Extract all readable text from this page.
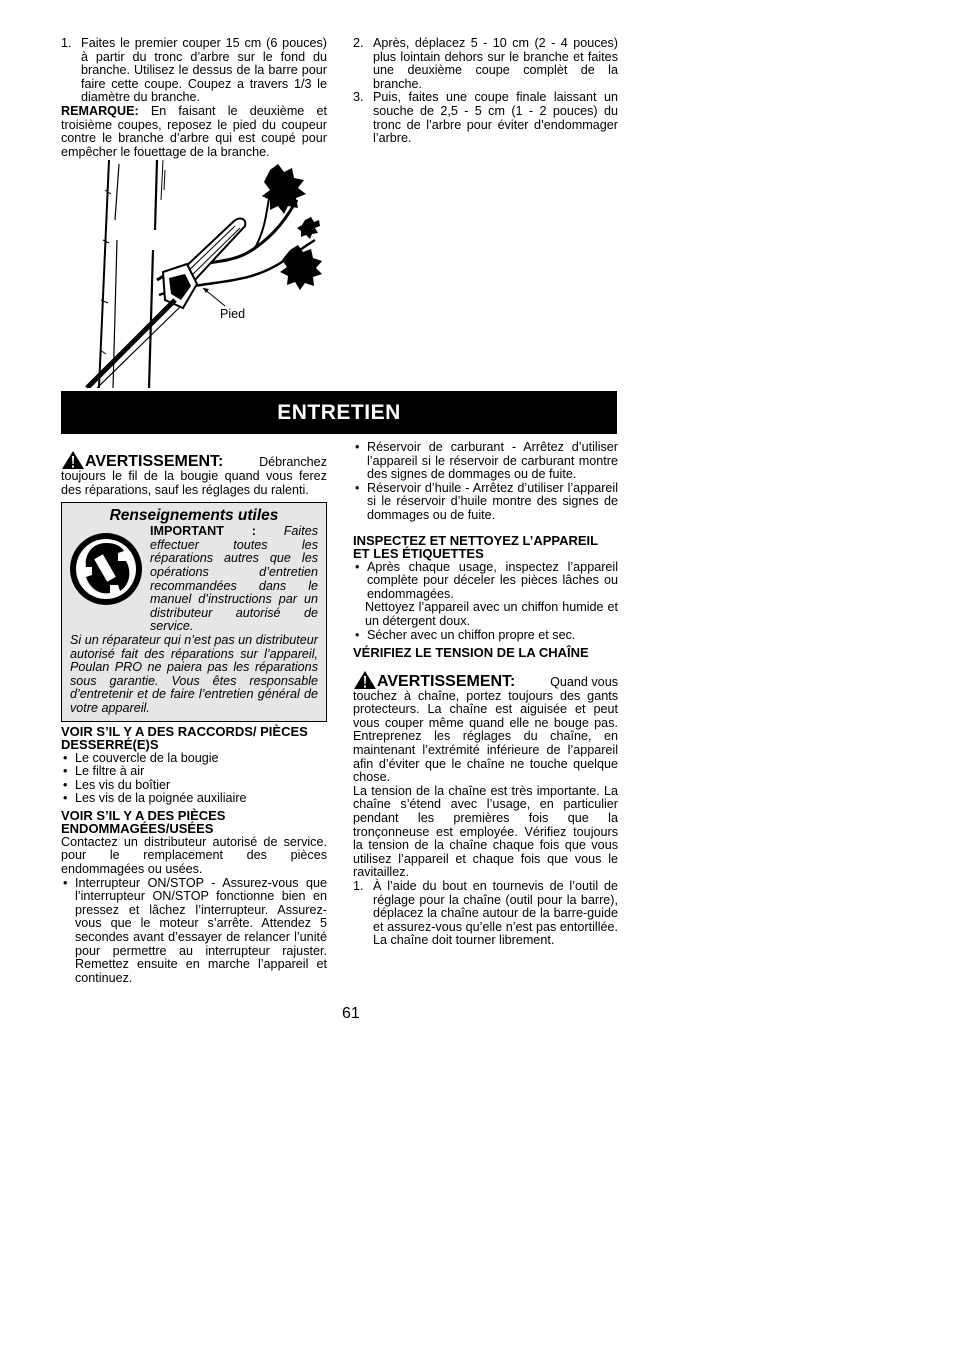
1. Faites le premier couper 15 cm (6 pouces) à partir du tronc d’arbre sur le fond du branche. Utilisez le dessus de la barre pour faire cette coupe. Coupez a travers 1/3 le diamètre du branche.

REMARQUE: En faisant le deuxième et troisième coupes, reposez le pied du coupeur contre le branche d’arbre qui est coupé pour empêcher le fouettage de la branche.

2. Après, déplacez 5 - 10 cm (2 - 4 pouces) plus lointain dehors sur le branche et faites une deuxième coupe complèt de la branche.
3. Puis, faites une coupe finale laissant un souche de 2,5 - 5 cm (1 - 2 pouces) du tronc de l’arbre pour éviter d’endommager l’arbre.
Pied
ENTRETIEN
AVERTISSEMENT:	Débranchez

toujours le fil de la bougie quand vous ferez des réparations, sauf les réglages du ralenti.

Renseignements utiles

IMPORTANT : Faites effectuer toutes les réparations autres que les opérations d’entretien recommandées dans le manuel d’instructions par un distributeur autorisé de service.

Si un réparateur qui n’est pas un distributeur autorisé fait des réparations sur l’appareil, Poulan PRO ne paiera pas les réparations sous garantie. Vous êtes responsable d’entretenir et de faire l’entretien général de votre appareil.

VOIR S’IL Y A DES RACCORDS/ PIÈCES DESSERRÉ(E)S
• Le couvercle de la bougie
• Le filtre à air
• Les vis du boîtier
• Les vis de la poignée auxiliaire
VOIR S’IL Y A DES PIÈCES ENDOMMAGÉES/USÉES

Contactez un distributeur autorisé de service. pour le remplacement des pièces endommagées ou usées.

• Interrupteur ON/STOP - Assurez-vous que l’interrupteur ON/STOP fonctionne bien en pressez et lâchez l’interrupteur. Assurez-vous que le moteur s’arrête. Attendez 5 secondes avant d’essayer de relancer l’unité pour permettre au interrupteur rajuster. Remettez ensuite en marche l’appareil et continuez.
• Réservoir de carburant - Arrêtez d’utiliser l’appareil si le réservoir de carburant montre des signes de dommages ou de fuite.
• Réservoir d’huile - Arrêtez d’utiliser l’appareil si le réservoir d’huile montre des signes de dommages ou de fuite.
INSPECTEZ ET NETTOYEZ L’APPAREIL ET LES ÉTIQUETTES
• Après chaque usage, inspectez l’appareil complète pour déceler les pièces lâches ou endommagées.

Nettoyez l’appareil avec un chiffon humide et un détergent doux.

• Sécher avec un chiffon propre et sec.
VÉRIFIEZ LE TENSION DE LA CHAÎNE
AVERTISSEMENT:	Quand vous

touchez à chaîne, portez toujours des gants protecteurs. La chaîne est aiguisée et peut vous couper même quand elle ne bouge pas. Entreprenez les réglages du chaîne, en maintenant l’extrémité inférieure de l’appareil afin d’éviter que le chaîne ne touche quelque chose.

La tension de la chaîne est très importante. La chaîne s’étend avec l’usage, en particulier pendant les premières fois que la tronçonneuse est employée. Vérifiez toujours la tension de la chaîne chaque fois que vous utilisez l’appareil et chaque fois que vous le ravitaillez.

1. À l’aide du bout en tournevis de l’outil de réglage pour la chaîne (outil pour la barre), déplacez la chaîne autour de la barre-guide et assurez-vous qu’elle n’est pas entortillée. La chaîne doit tourner librement.
61
